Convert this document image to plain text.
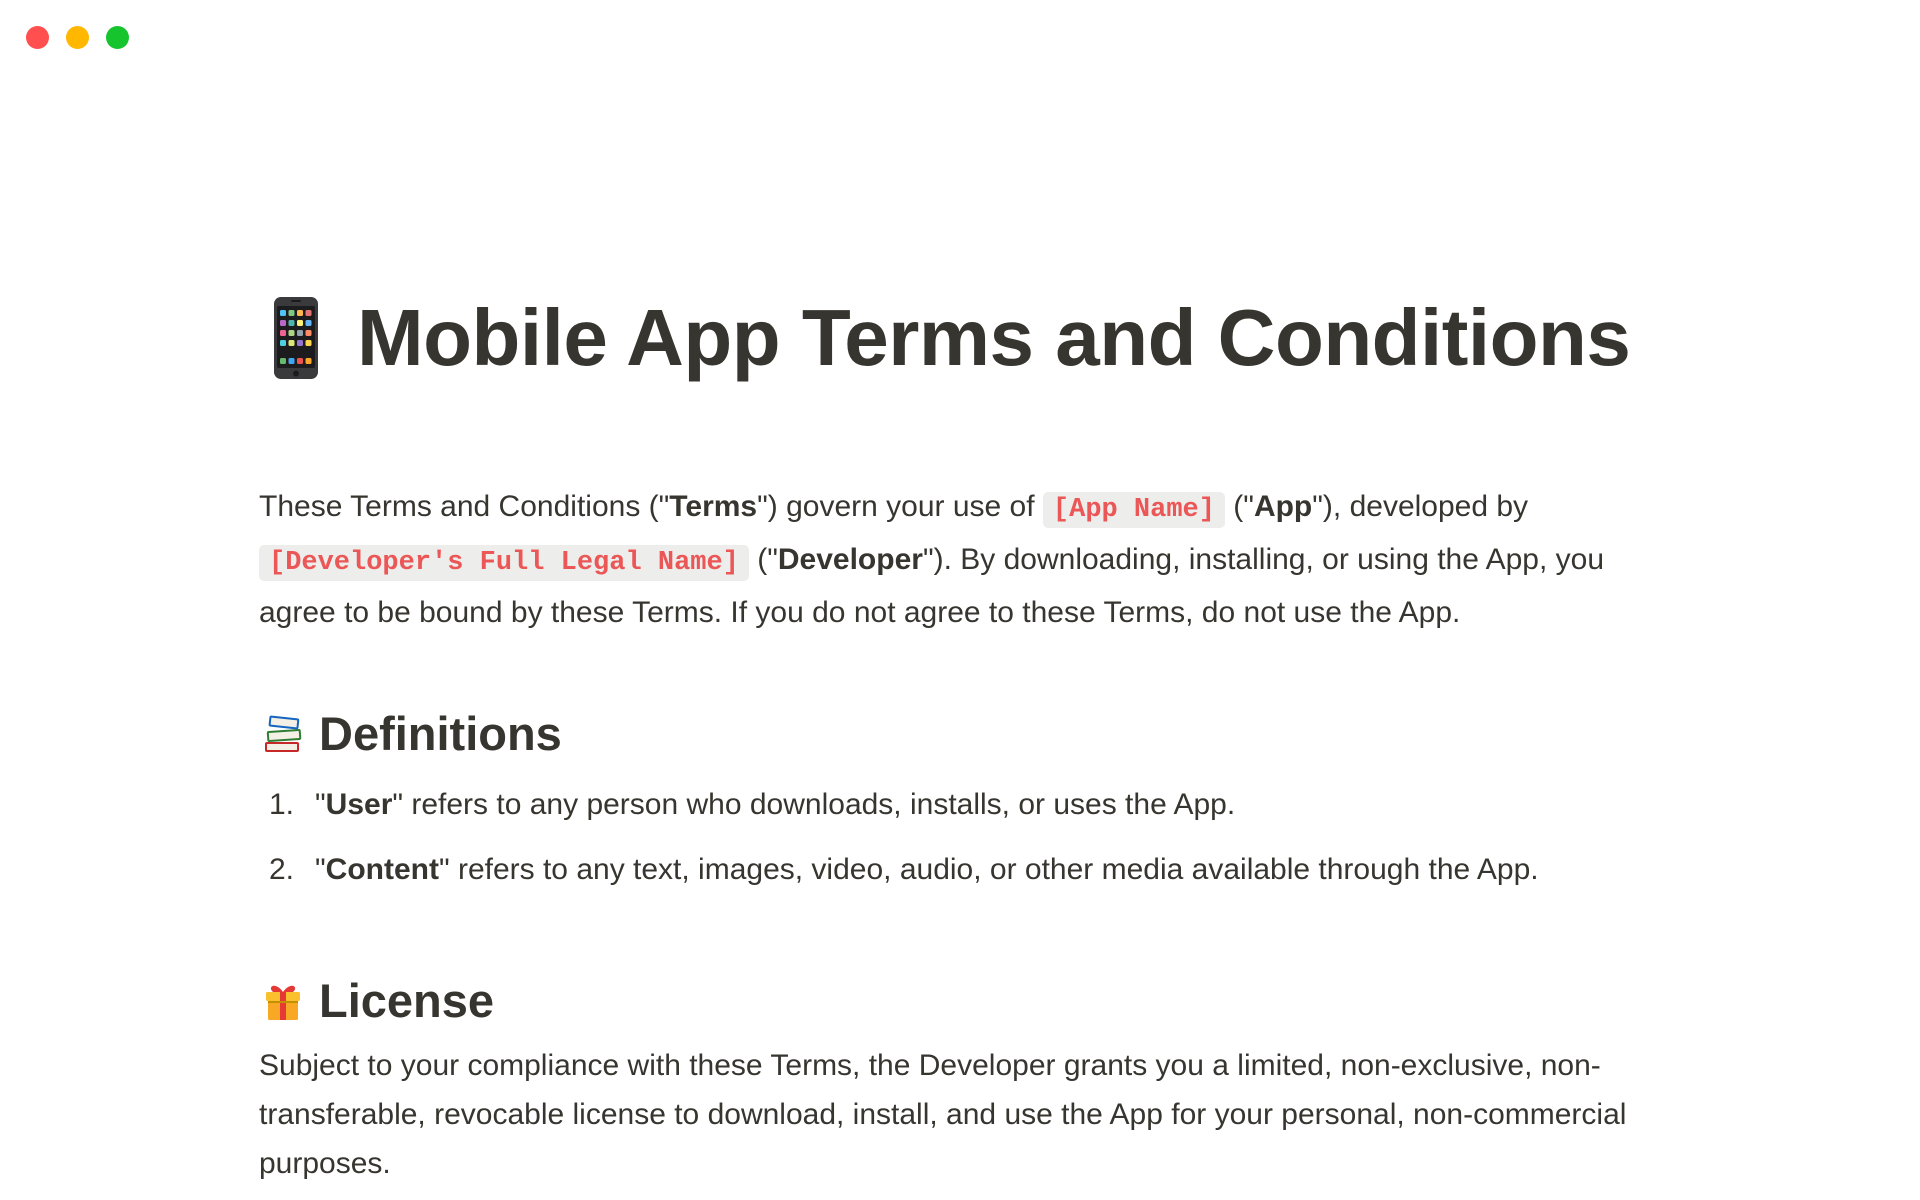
Mobile App Terms and Conditions

These Terms and Conditions ("Terms") govern your use of [App Name] ("App"), developed by [Developer's Full Legal Name] ("Developer"). By downloading, installing, or using the App, you agree to be bound by these Terms. If you do not agree to these Terms, do not use the App.

Definitions
1. "User" refers to any person who downloads, installs, or uses the App.
2. "Content" refers to any text, images, video, audio, or other media available through the App.
License

Subject to your compliance with these Terms, the Developer grants you a limited, non-exclusive, non-transferable, revocable license to download, install, and use the App for your personal, non-commercial purposes.
